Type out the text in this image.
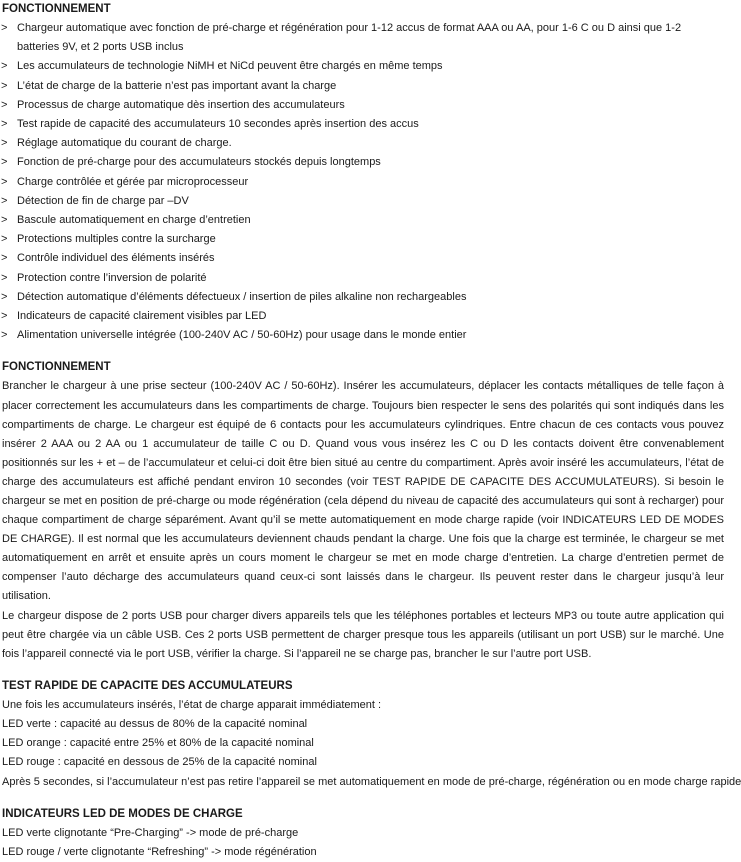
FONCTIONNEMENT
> Chargeur automatique avec fonction de pré-charge et régénération pour 1-12 accus de format AAA ou AA, pour 1-6 C ou D ainsi que 1-2 batteries 9V, et 2 ports USB inclus
> Les accumulateurs de technologie NiMH et NiCd peuvent être chargés en même temps
> L’état de charge de la batterie n’est pas important avant la charge
> Processus de charge automatique dès insertion des accumulateurs
> Test rapide de capacité des accumulateurs 10 secondes après insertion des accus
> Réglage automatique du courant de charge.
> Fonction de pré-charge pour des accumulateurs stockés depuis longtemps
> Charge contrôlée et gérée par microprocesseur
> Détection de fin de charge par –DV
> Bascule automatiquement en charge d’entretien
> Protections multiples contre la surcharge
> Contrôle individuel des éléments insérés
> Protection contre l’inversion de polarité
> Détection automatique d’éléments défectueux / insertion de piles alkaline non rechargeables
> Indicateurs de capacité clairement visibles par LED
> Alimentation universelle intégrée (100-240V AC / 50-60Hz) pour usage dans le monde entier
FONCTIONNEMENT

Brancher le chargeur à une prise secteur (100-240V AC / 50-60Hz). Insérer les accumulateurs, déplacer les contacts métalliques de telle façon à placer correctement les accumulateurs dans les compartiments de charge. Toujours bien respecter le sens des polarités qui sont indiqués dans les compartiments de charge. Le chargeur est équipé de 6 contacts pour les accumulateurs cylindriques. Entre chacun de ces contacts vous pouvez insérer 2 AAA ou 2 AA ou 1 accumulateur de taille C ou D. Quand vous vous insérez les C ou D les contacts doivent être convenablement positionnés sur les + et – de l’accumulateur et celui-ci doit être bien situé au centre du compartiment. Après avoir inséré les accumulateurs, l’état de charge des accumulateurs est affiché pendant environ 10 secondes (voir TEST RAPIDE DE CAPACITE DES ACCUMULATEURS). Si besoin le chargeur se met en position de pré-charge ou mode régénération (cela dépend du niveau de capacité des accumulateurs qui sont à recharger) pour chaque compartiment de charge séparément. Avant qu’il se mette automatiquement en mode charge rapide (voir INDICATEURS LED DE MODES DE CHARGE). Il est normal que les accumulateurs deviennent chauds pendant la charge. Une fois que la charge est terminée, le chargeur se met automatiquement en arrêt et ensuite après un cours moment le chargeur se met en mode charge d’entretien. La charge d’entretien permet de compenser l’auto décharge des accumulateurs quand ceux-ci sont laissés dans le chargeur. Ils peuvent rester dans le chargeur jusqu’à leur utilisation.

Le chargeur dispose de 2 ports USB pour charger divers appareils tels que les téléphones portables et lecteurs MP3 ou toute autre application qui peut être chargée via un câble USB. Ces 2 ports USB permettent de charger presque tous les appareils (utilisant un port USB) sur le marché. Une fois l’appareil connecté via le port USB, vérifier la charge. Si l’appareil ne se charge pas, brancher le sur l’autre port USB.

TEST RAPIDE DE CAPACITE DES ACCUMULATEURS

Une fois les accumulateurs insérés, l’état de charge apparait immédiatement :

LED verte : capacité au dessus de 80% de la capacité nominal

LED orange : capacité entre 25% et 80% de la capacité nominal

LED rouge : capacité en dessous de 25% de la capacité nominal

Après 5 secondes, si l’accumulateur n’est pas retire l’appareil se met automatiquement en mode de pré-charge, régénération ou en mode charge rapide

INDICATEURS LED DE MODES DE CHARGE

LED verte clignotante “Pre-Charging” -> mode de pré-charge

LED rouge / verte clignotante “Refreshing” -> mode régénération
